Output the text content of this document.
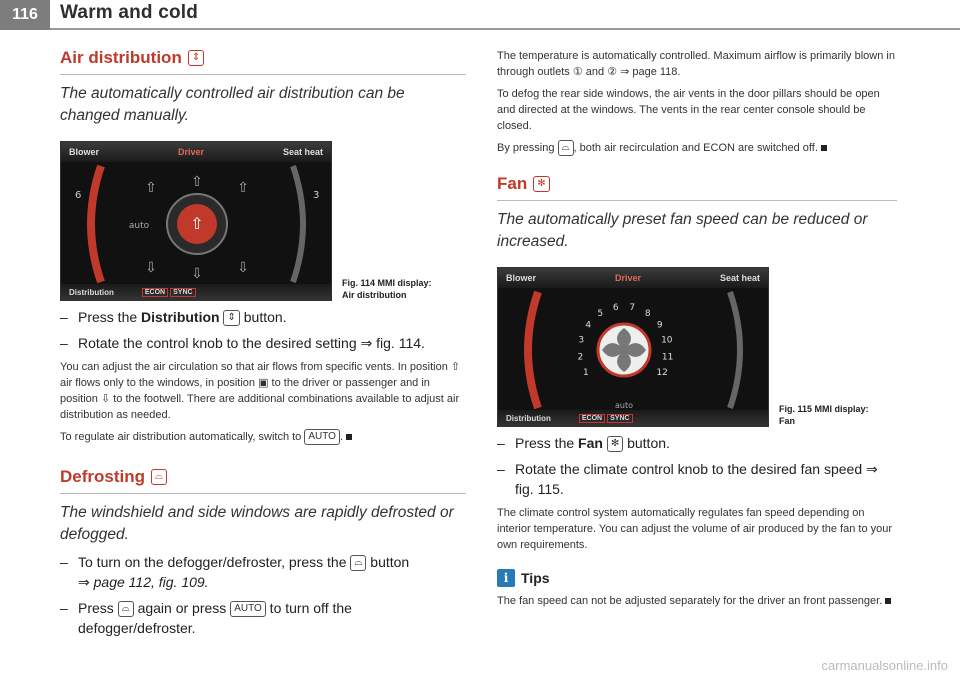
116	Warm and cold
Air distribution	⇕

The automatically controlled air distribution can be changed manually.

Blower	Driver	Seat heat
⇧
⇧ ⇧ ⇧
⇩ ⇩ ⇩
auto
6	3
Distribution	ECON	SYNC
Fig. 114 MMI display: Air distribution
– Press the Distribution ⇕ button.
– Rotate the control knob to the desired setting ⇒ fig. 114.

You can adjust the air circulation so that air flows from specific vents. In position ⇧ air flows only to the windows, in position ▣ to the driver or passenger and in position ⇩ to the footwell. There are additional combinations available to adjust air distribution as needed.

To regulate air distribution automatically, switch to AUTO .

Defrosting	⌓

The windshield and side windows are rapidly defrosted or defogged.

– To turn on the defogger/defroster, press the ⌓ button
⇒ page 112, fig. 109.
– Press ⌓ again or press AUTO to turn off the defogger/defroster.

The temperature is automatically controlled. Maximum airflow is primarily blown in through outlets ① and ② ⇒ page 118.

To defog the rear side windows, the air vents in the door pillars should be open and directed at the windows. The vents in the rear center console should be closed.

By pressing ⌓ , both air recirculation and ECON are switched off.

Fan	✻

The automatically preset fan speed can be reduced or increased.

Blower	Driver	Seat heat
1
2
3
4
5
6 7
8
9
10
11
12
auto
Distribution	ECON	SYNC
Fig. 115 MMI display: Fan
– Press the Fan ✻ button.
– Rotate the climate control knob to the desired fan speed ⇒ fig. 115.

The climate control system automatically regulates fan speed depending on interior temperature. You can adjust the volume of air produced by the fan to your own requirements.

i Tips

The fan speed can not be adjusted separately for the driver an front passenger.

carmanualsonline.info
